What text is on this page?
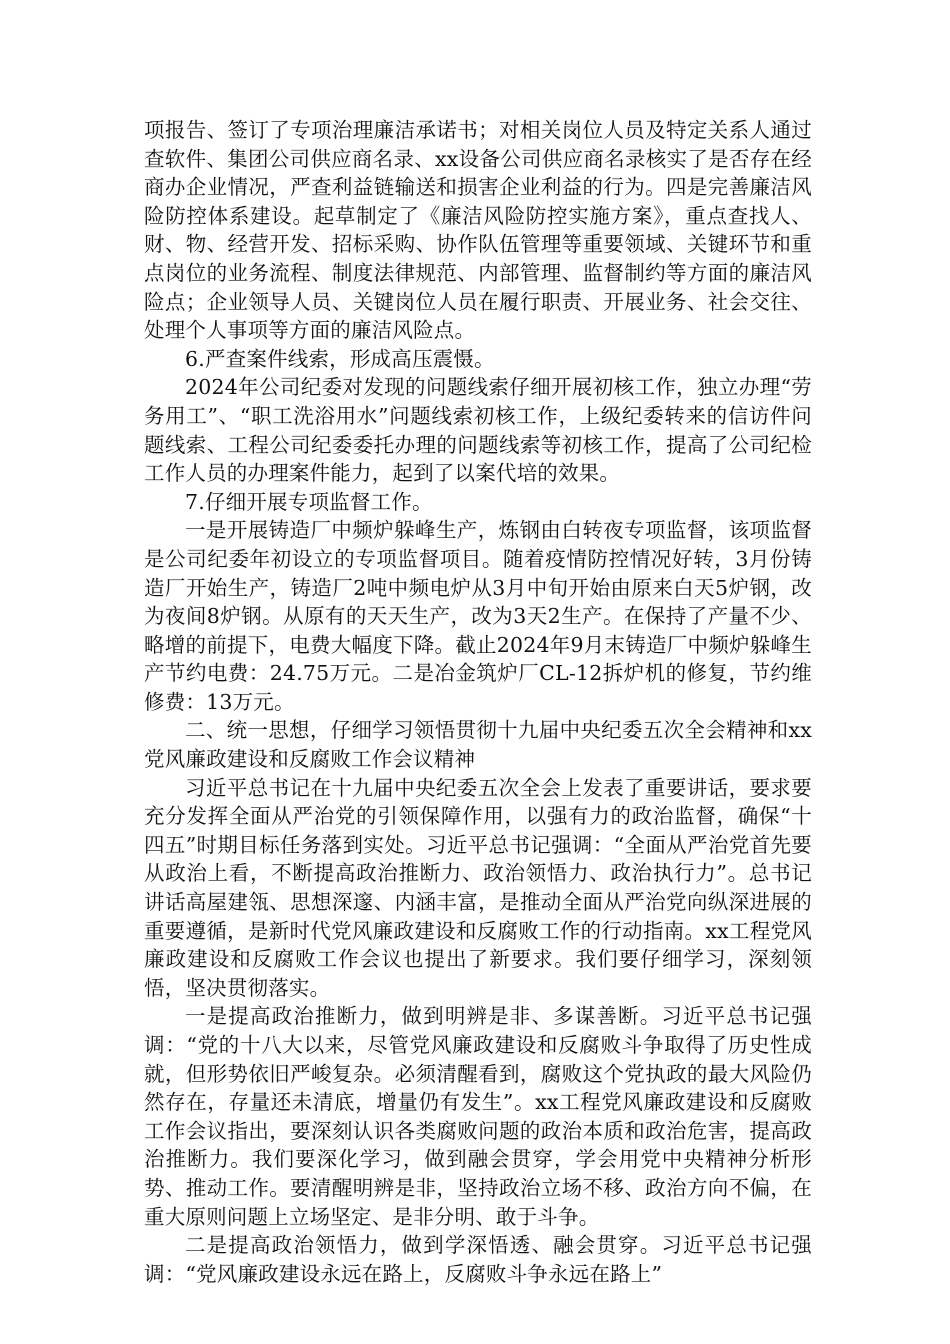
项报告、签订了专项治理廉洁承诺书；对相关岗位人员及特定关系人通过查软件、集团公司供应商名录、xx设备公司供应商名录核实了是否存在经商办企业情况，严查利益链输送和损害企业利益的行为。四是完善廉洁风险防控体系建设。起草制定了《廉洁风险防控实施方案》，重点查找人、财、物、经营开发、招标采购、协作队伍管理等重要领域、关键环节和重点岗位的业务流程、制度法律规范、内部管理、监督制约等方面的廉洁风险点；企业领导人员、关键岗位人员在履行职责、开展业务、社会交往、处理个人事项等方面的廉洁风险点。

6.严查案件线索，形成高压震慑。

2024年公司纪委对发现的问题线索仔细开展初核工作，独立办理“劳务用工”、“职工洗浴用水”问题线索初核工作，上级纪委转来的信访件问题线索、工程公司纪委委托办理的问题线索等初核工作，提高了公司纪检工作人员的办理案件能力，起到了以案代培的效果。

7.仔细开展专项监督工作。

一是开展铸造厂中频炉躲峰生产，炼钢由白转夜专项监督，该项监督是公司纪委年初设立的专项监督项目。随着疫情防控情况好转，3月份铸造厂开始生产，铸造厂2吨中频电炉从3月中旬开始由原来白天5炉钢，改为夜间8炉钢。从原有的天天生产，改为3天2生产。在保持了产量不少、略增的前提下，电费大幅度下降。截止2024年9月末铸造厂中频炉躲峰生产节约电费：24.75万元。二是冶金筑炉厂CL-12拆炉机的修复，节约维修费：13万元。

二、统一思想，仔细学习领悟贯彻十九届中央纪委五次全会精神和xx党风廉政建设和反腐败工作会议精神

习近平总书记在十九届中央纪委五次全会上发表了重要讲话，要求要充分发挥全面从严治党的引领保障作用，以强有力的政治监督，确保“十四五”时期目标任务落到实处。习近平总书记强调：“全面从严治党首先要从政治上看，不断提高政治推断力、政治领悟力、政治执行力”。总书记讲话高屋建瓴、思想深邃、内涵丰富，是推动全面从严治党向纵深进展的重要遵循，是新时代党风廉政建设和反腐败工作的行动指南。xx工程党风廉政建设和反腐败工作会议也提出了新要求。我们要仔细学习，深刻领悟，坚决贯彻落实。

一是提高政治推断力，做到明辨是非、多谋善断。习近平总书记强调：“党的十八大以来，尽管党风廉政建设和反腐败斗争取得了历史性成就，但形势依旧严峻复杂。必须清醒看到，腐败这个党执政的最大风险仍然存在，存量还未清底，增量仍有发生”。xx工程党风廉政建设和反腐败工作会议指出，要深刻认识各类腐败问题的政治本质和政治危害，提高政治推断力。我们要深化学习，做到融会贯穿，学会用党中央精神分析形势、推动工作。要清醒明辨是非，坚持政治立场不移、政治方向不偏，在重大原则问题上立场坚定、是非分明、敢于斗争。

二是提高政治领悟力，做到学深悟透、融会贯穿。习近平总书记强调：“党风廉政建设永远在路上，反腐败斗争永远在路上”
